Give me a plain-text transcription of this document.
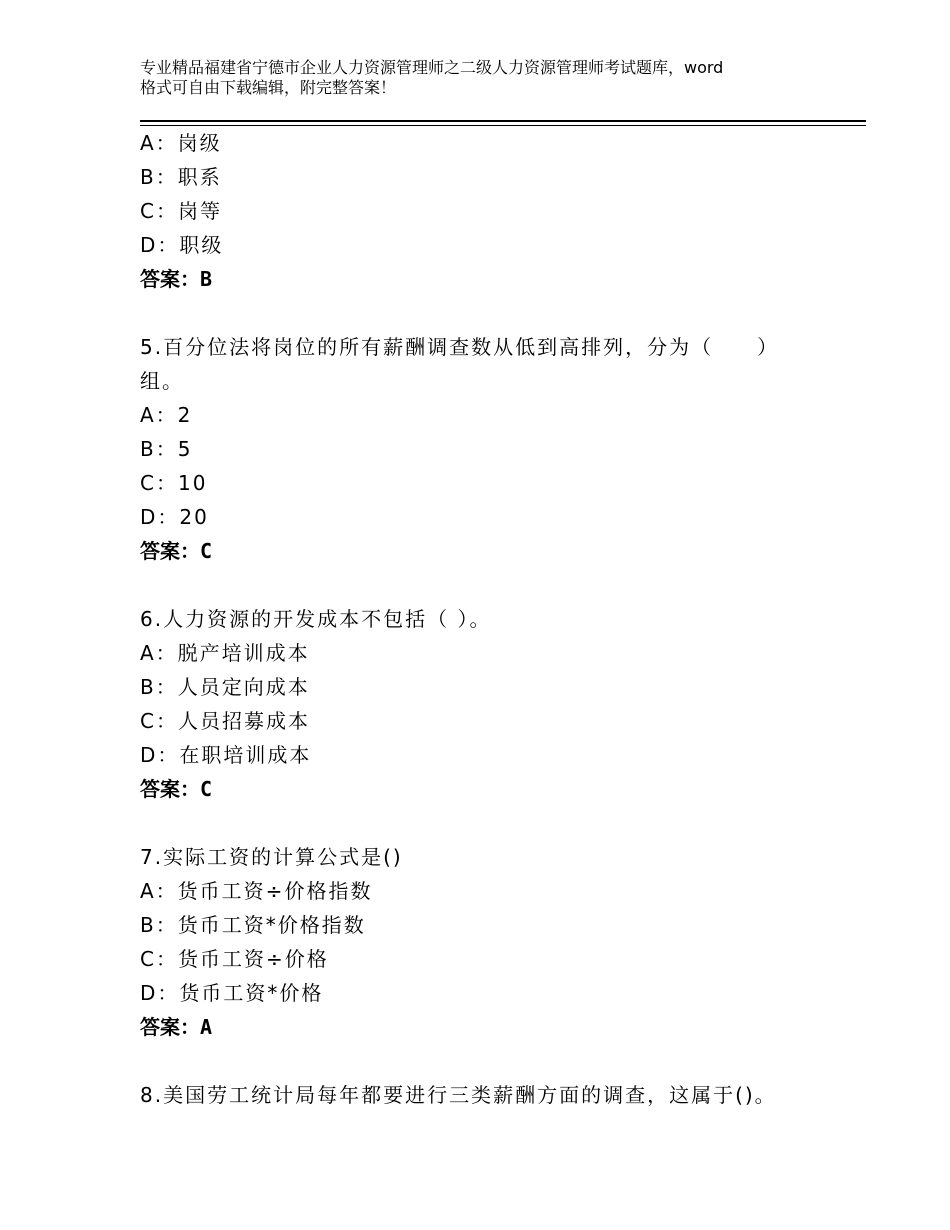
专业精品福建省宁德市企业人力资源管理师之二级人力资源管理师考试题库，word
格式可自由下载编辑，附完整答案！
A：岗级
B：职系
C：岗等
D：职级
答案：B
5.百分位法将岗位的所有薪酬调查数从低到高排列，分为（　　）
组。
A：2
B：5
C：10
D：20
答案：C
6.人力资源的开发成本不包括（ ）。
A：脱产培训成本
B：人员定向成本
C：人员招募成本
D：在职培训成本
答案：C
7.实际工资的计算公式是()
A：货币工资÷价格指数
B：货币工资*价格指数
C：货币工资÷价格
D：货币工资*价格
答案：A
8.美国劳工统计局每年都要进行三类薪酬方面的调查，这属于()。
